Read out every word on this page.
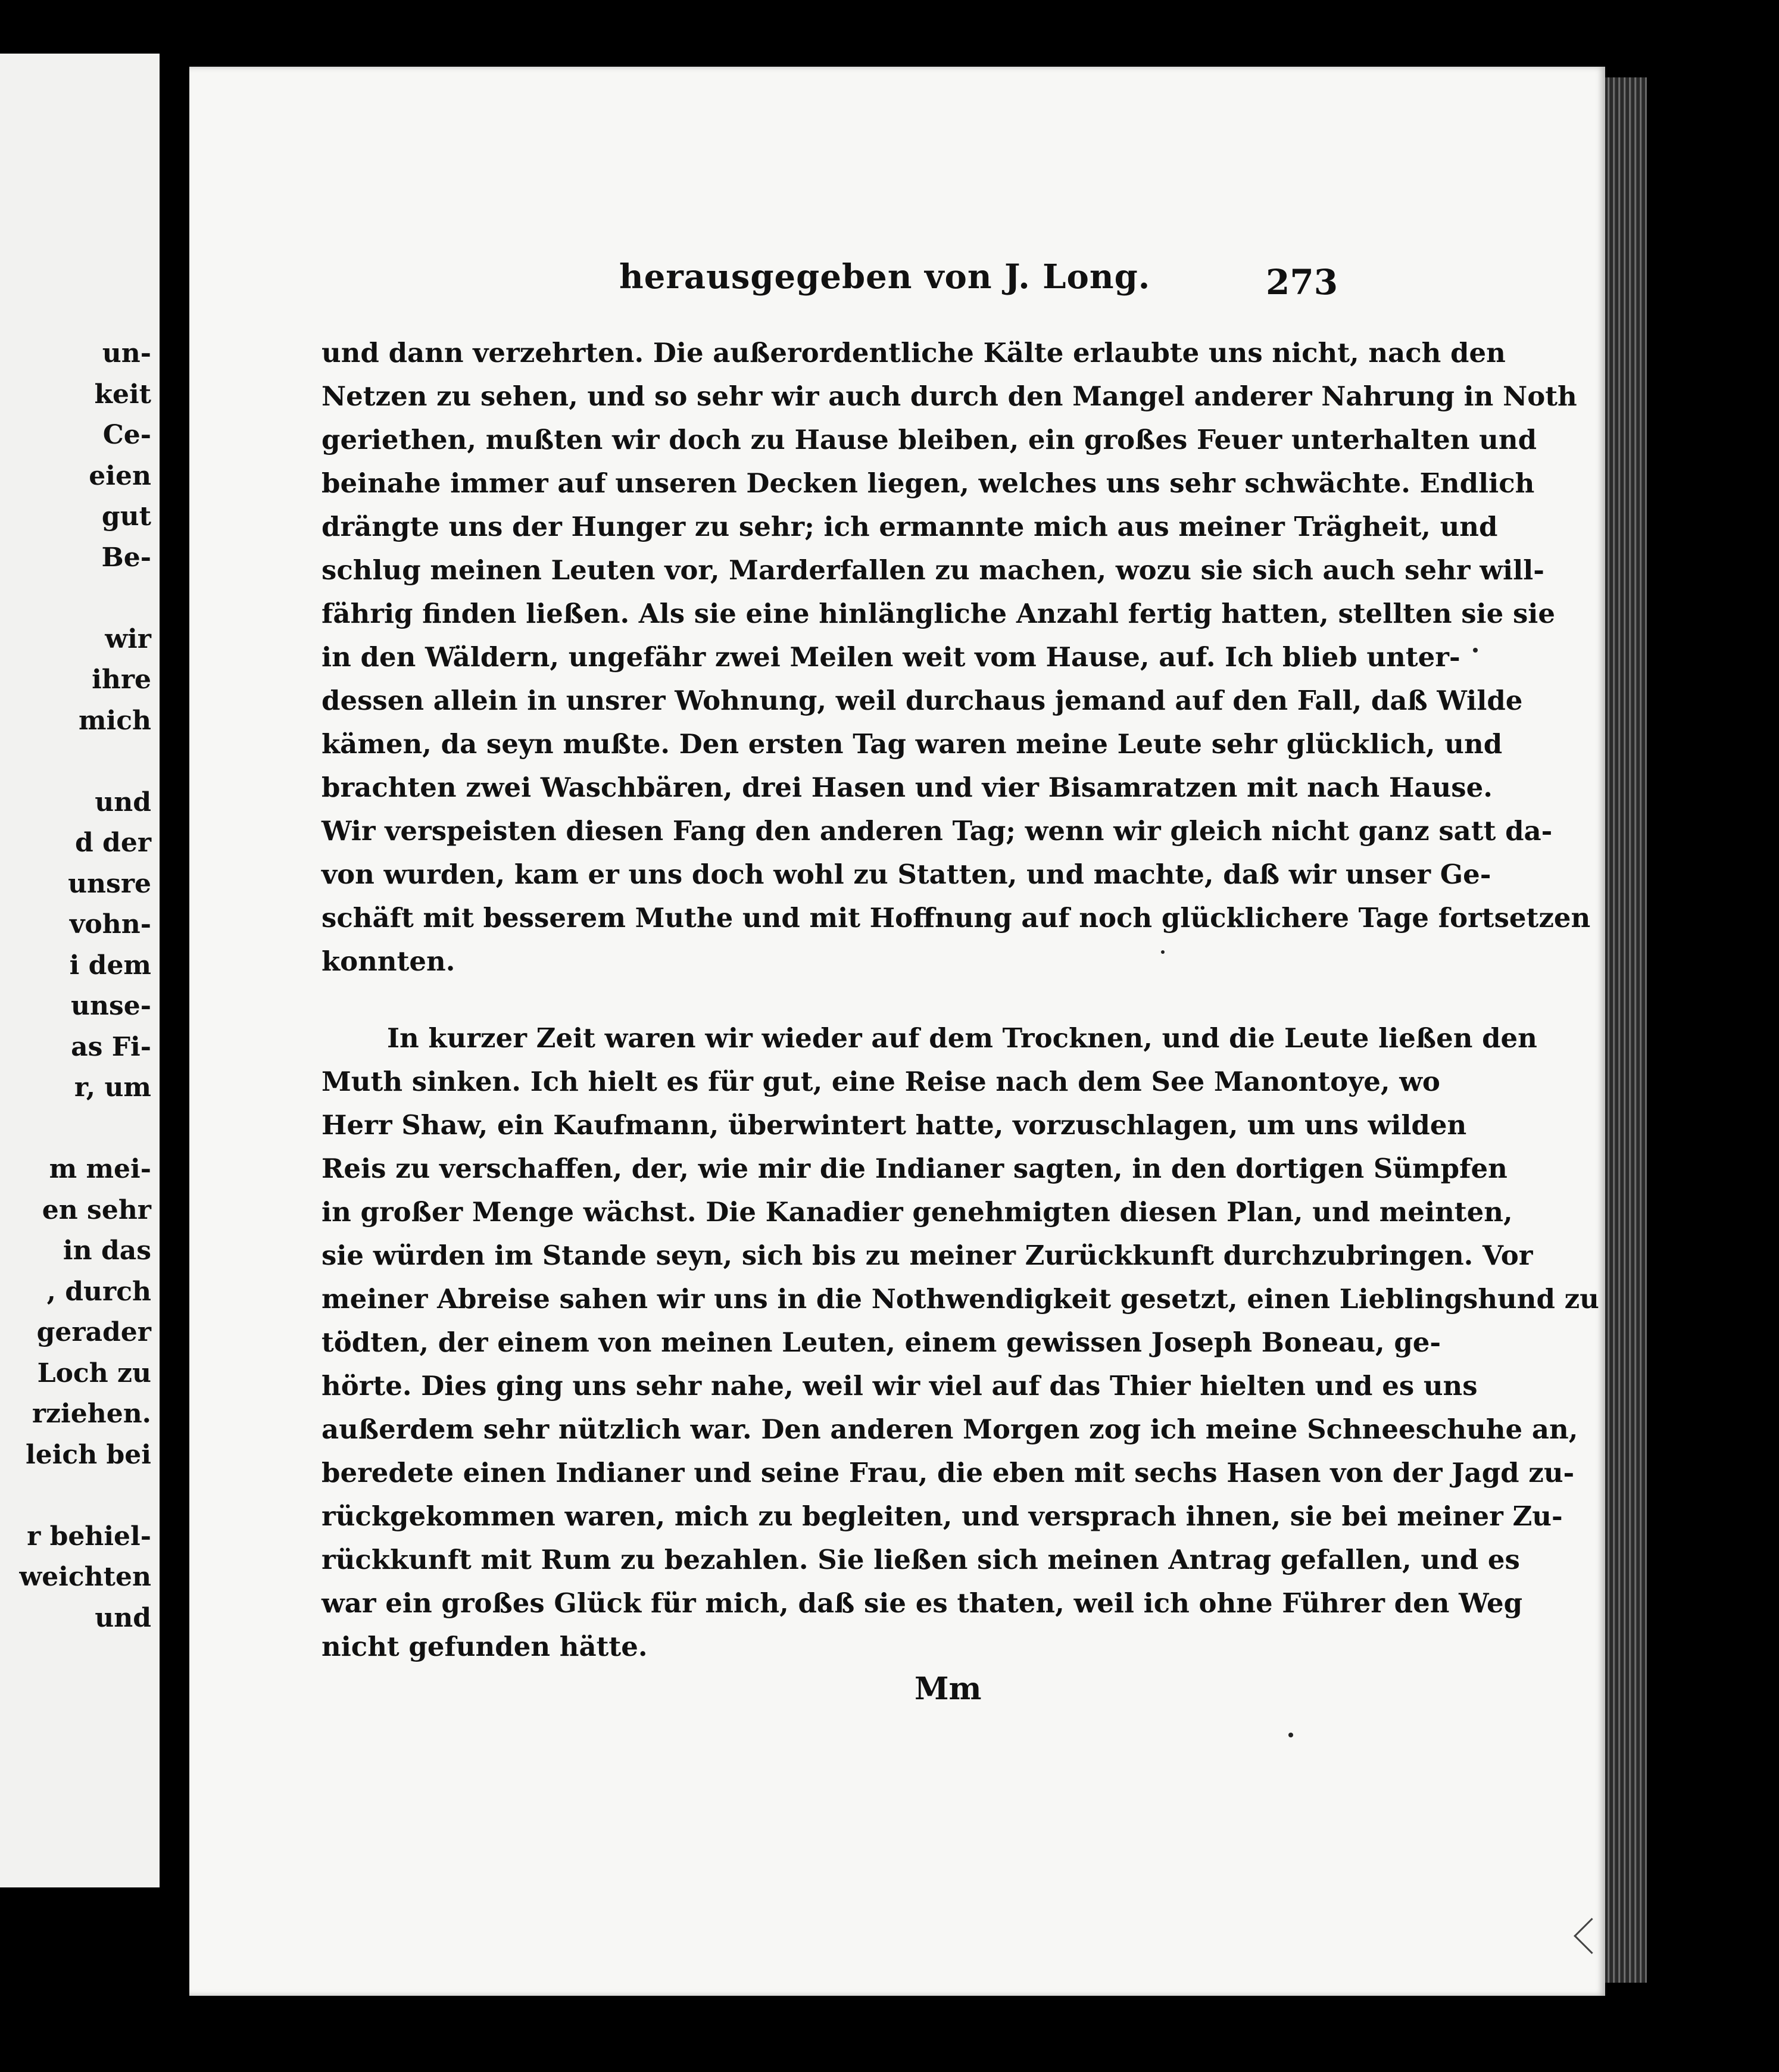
un-
keit
Ce-
eien
gut
Be-
wir
ihre
mich
und
d der
unsre
vohn-
i dem
unse-
as Fi-
r, um
m mei-
en sehr
in das
, durch
gerader
Loch zu
rziehen.
leich bei
r behiel-
weichten
und
herausgegeben von J. Long.	273
und dann verzehrten. Die außerordentliche Kälte erlaubte uns nicht, nach den
Netzen zu sehen, und so sehr wir auch durch den Mangel anderer Nahrung in Noth
geriethen, mußten wir doch zu Hause bleiben, ein großes Feuer unterhalten und
beinahe immer auf unseren Decken liegen, welches uns sehr schwächte. Endlich
drängte uns der Hunger zu sehr; ich ermannte mich aus meiner Trägheit, und
schlug meinen Leuten vor, Marderfallen zu machen, wozu sie sich auch sehr will-
fährig finden ließen. Als sie eine hinlängliche Anzahl fertig hatten, stellten sie sie
in den Wäldern, ungefähr zwei Meilen weit vom Hause, auf. Ich blieb unter-
dessen allein in unsrer Wohnung, weil durchaus jemand auf den Fall, daß Wilde
kämen, da seyn mußte. Den ersten Tag waren meine Leute sehr glücklich, und
brachten zwei Waschbären, drei Hasen und vier Bisamratzen mit nach Hause.
Wir verspeisten diesen Fang den anderen Tag; wenn wir gleich nicht ganz satt da-
von wurden, kam er uns doch wohl zu Statten, und machte, daß wir unser Ge-
schäft mit besserem Muthe und mit Hoffnung auf noch glücklichere Tage fortsetzen
konnten.
In kurzer Zeit waren wir wieder auf dem Trocknen, und die Leute ließen den
Muth sinken. Ich hielt es für gut, eine Reise nach dem See Manontoye, wo
Herr Shaw, ein Kaufmann, überwintert hatte, vorzuschlagen, um uns wilden
Reis zu verschaffen, der, wie mir die Indianer sagten, in den dortigen Sümpfen
in großer Menge wächst. Die Kanadier genehmigten diesen Plan, und meinten,
sie würden im Stande seyn, sich bis zu meiner Zurückkunft durchzubringen. Vor
meiner Abreise sahen wir uns in die Nothwendigkeit gesetzt, einen Lieblingshund zu
tödten, der einem von meinen Leuten, einem gewissen Joseph Boneau, ge-
hörte. Dies ging uns sehr nahe, weil wir viel auf das Thier hielten und es uns
außerdem sehr nützlich war. Den anderen Morgen zog ich meine Schneeschuhe an,
beredete einen Indianer und seine Frau, die eben mit sechs Hasen von der Jagd zu-
rückgekommen waren, mich zu begleiten, und versprach ihnen, sie bei meiner Zu-
rückkunft mit Rum zu bezahlen. Sie ließen sich meinen Antrag gefallen, und es
war ein großes Glück für mich, daß sie es thaten, weil ich ohne Führer den Weg
nicht gefunden hätte.
Mm
